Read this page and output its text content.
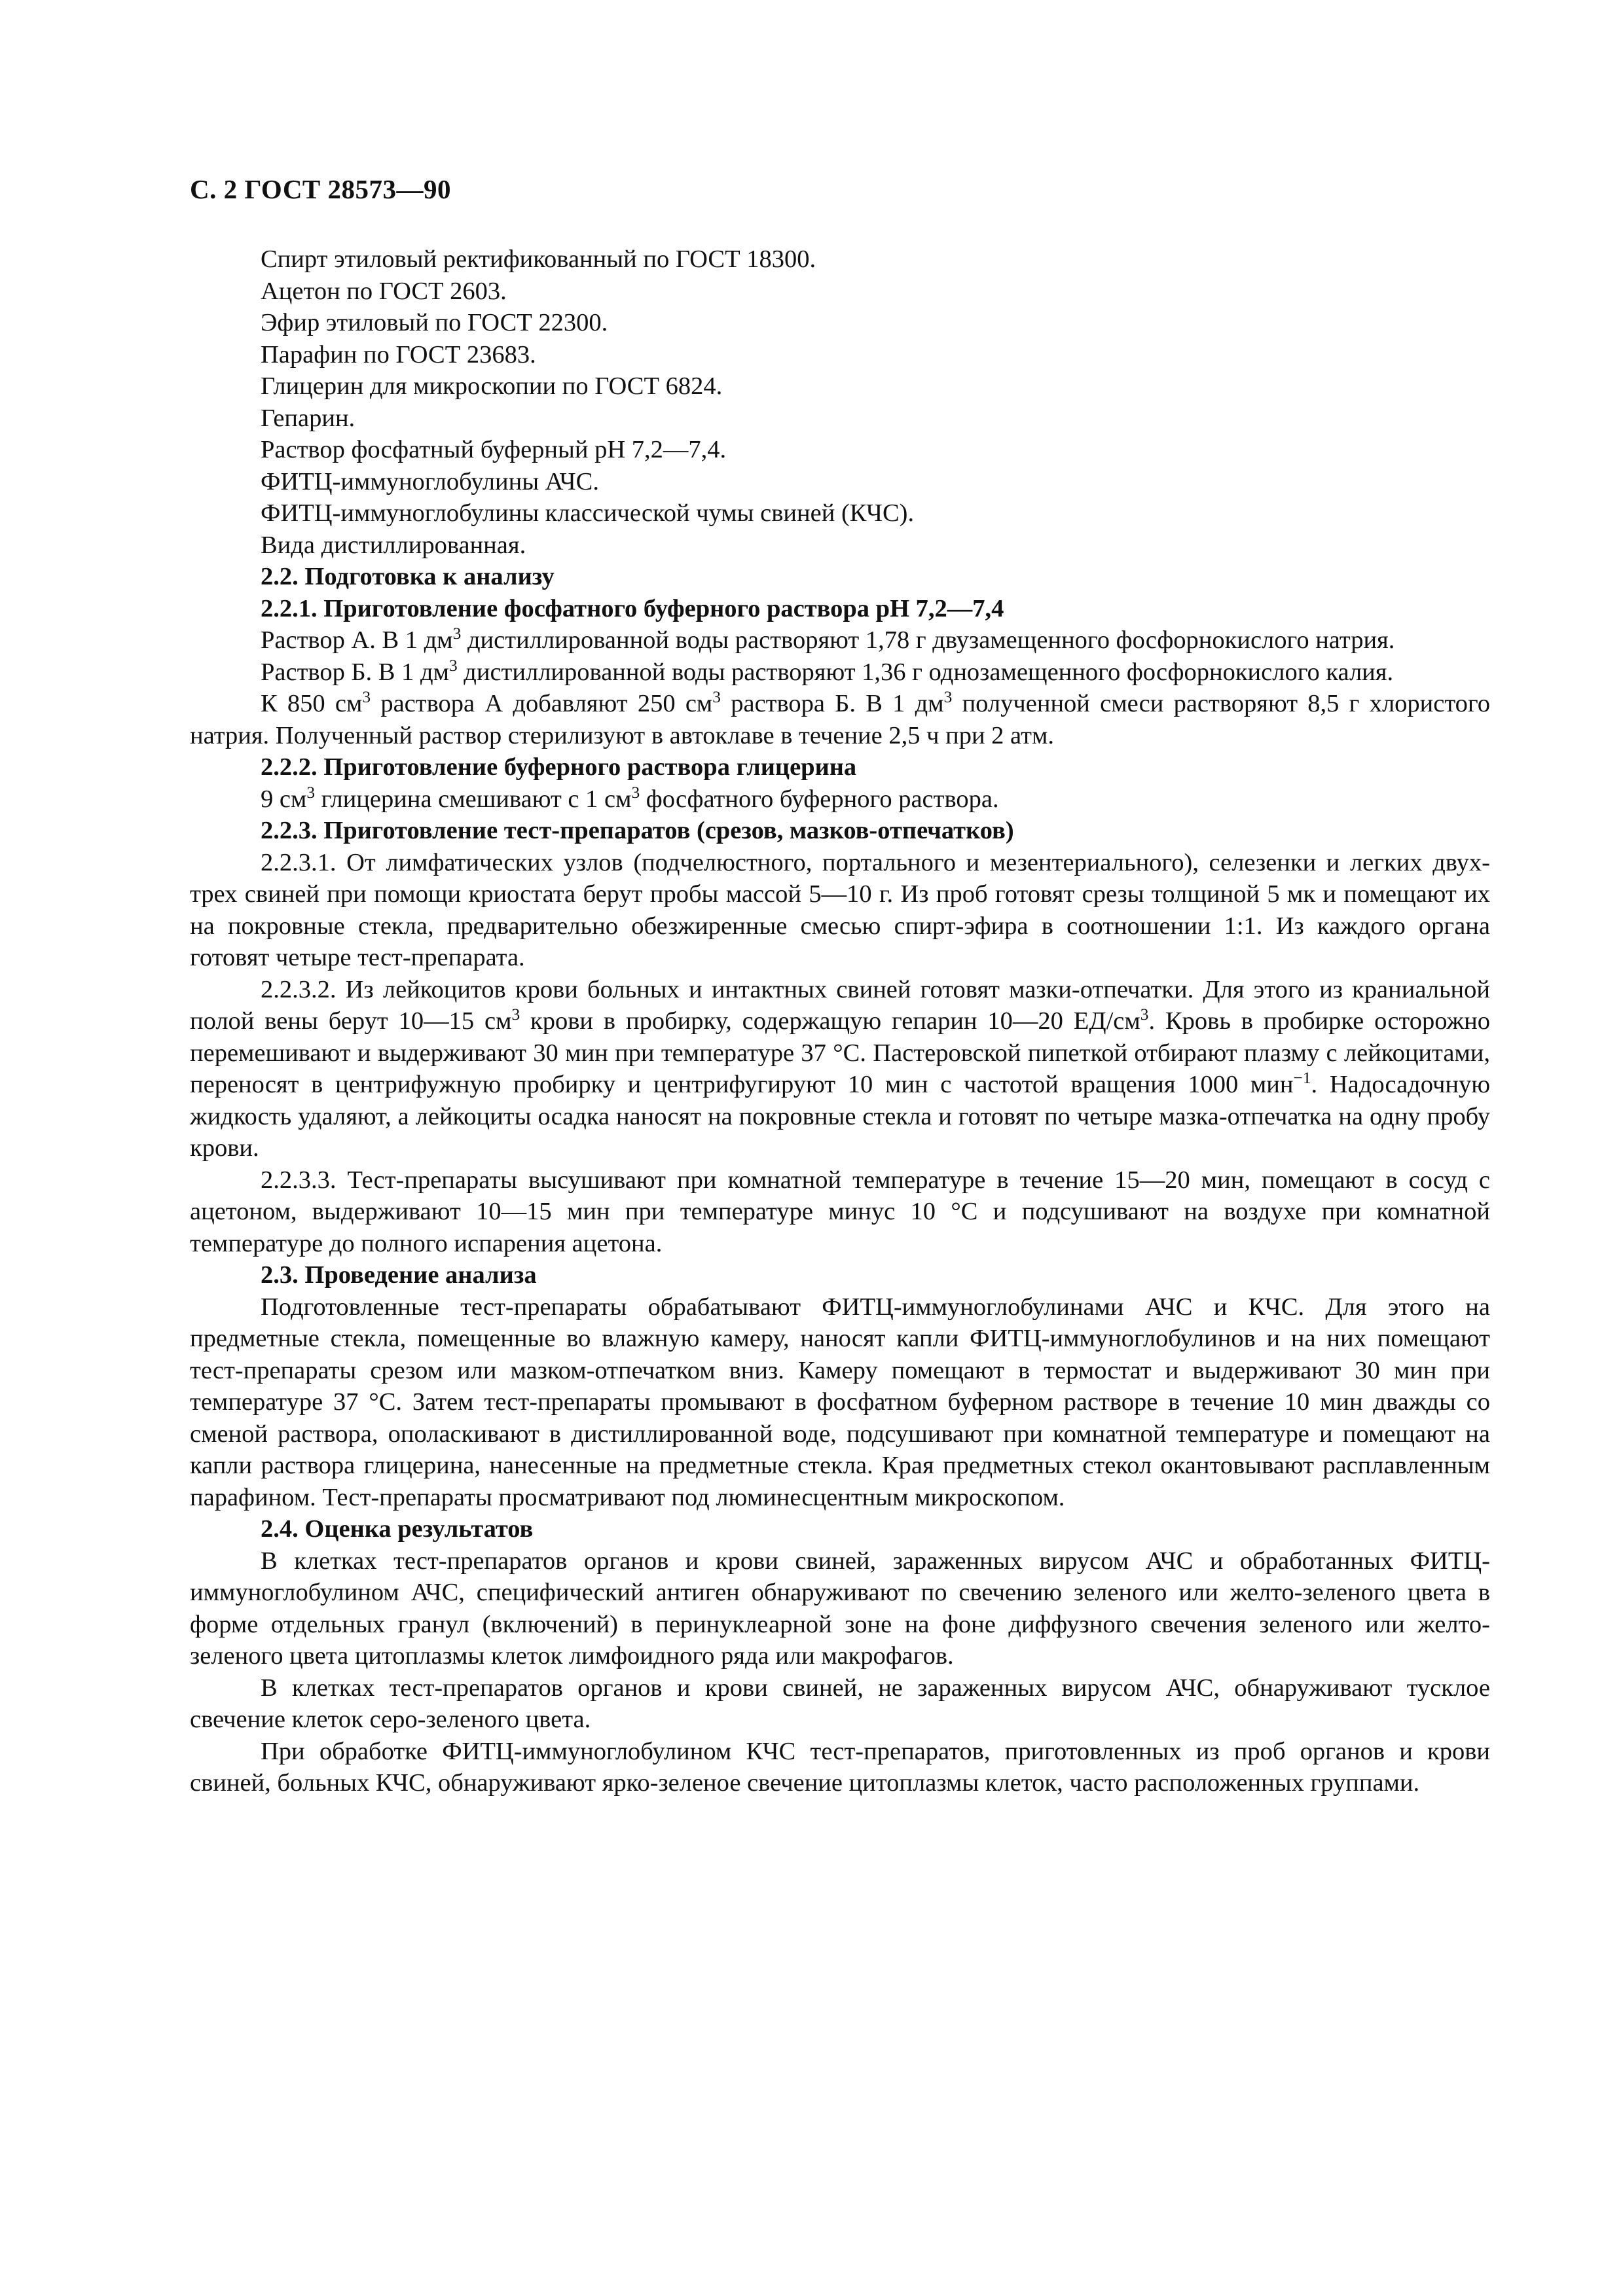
С. 2 ГОСТ 28573—90
Спирт этиловый ректификованный по ГОСТ 18300.
Ацетон по ГОСТ 2603.
Эфир этиловый по ГОСТ 22300.
Парафин по ГОСТ 23683.
Глицерин для микроскопии по ГОСТ 6824.
Гепарин.
Раствор фосфатный буферный pH 7,2—7,4.
ФИТЦ-иммуноглобулины АЧС.
ФИТЦ-иммуноглобулины классической чумы свиней (КЧС).
Вида дистиллированная.
2.2. Подготовка к анализу
2.2.1. Приготовление фосфатного буферного раствора pH 7,2—7,4
Раствор А. В 1 $дм^3$ дистиллированной воды растворяют 1,78 г двузамещенного фосфорнокислого натрия.
Раствор Б. В 1 $дм^3$ дистиллированной воды растворяют 1,36 г однозамещенного фосфорнокислого калия.
К 850 $см^3$ раствора А добавляют 250 $см^3$ раствора Б. В 1 $дм^3$ полученной смеси растворяют 8,5 г хлористого натрия. Полученный раствор стерилизуют в автоклаве в течение 2,5 ч при 2 атм.
2.2.2. Приготовление буферного раствора глицерина
9 $см^3$ глицерина смешивают с 1 $см^3$ фосфатного буферного раствора.
2.2.3. Приготовление тест-препаратов (срезов, мазков-отпечатков)
2.2.3.1. От лимфатических узлов (подчелюстного, портального и мезентериального), селезенки и легких двух-трех свиней при помощи криостата берут пробы массой 5—10 г. Из проб готовят срезы толщиной 5 мк и помещают их на покровные стекла, предварительно обезжиренные смесью спирт-эфира в соотношении 1:1. Из каждого органа готовят четыре тест-препарата.
2.2.3.2. Из лейкоцитов крови больных и интактных свиней готовят мазки-отпечатки. Для этого из краниальной полой вены берут 10—15 $см^3$ крови в пробирку, содержащую гепарин 10—20 $ЕД/см^3$. Кровь в пробирке осторожно перемешивают и выдерживают 30 мин при температуре 37 °С. Пастеровской пипеткой отбирают плазму с лейкоцитами, переносят в центрифужную пробирку и центрифугируют 10 мин с частотой вращения 1000 мин$^{-1}$. Надосадочную жидкость удаляют, а лейкоциты осадка наносят на покровные стекла и готовят по четыре мазка-отпечатка на одну пробу крови.
2.2.3.3. Тест-препараты высушивают при комнатной температуре в течение 15—20 мин, помещают в сосуд с ацетоном, выдерживают 10—15 мин при температуре минус 10 °С и подсушивают на воздухе при комнатной температуре до полного испарения ацетона.
2.3. Проведение анализа
Подготовленные тест-препараты обрабатывают ФИТЦ-иммуноглобулинами АЧС и КЧС. Для этого на предметные стекла, помещенные во влажную камеру, наносят капли ФИТЦ-иммуноглобулинов и на них помещают тест-препараты срезом или мазком-отпечатком вниз. Камеру помещают в термостат и выдерживают 30 мин при температуре 37 °С. Затем тест-препараты промывают в фосфатном буферном растворе в течение 10 мин дважды со сменой раствора, ополаскивают в дистиллированной воде, подсушивают при комнатной температуре и помещают на капли раствора глицерина, нанесенные на предметные стекла. Края предметных стекол окантовывают расплавленным парафином. Тест-препараты просматривают под люминесцентным микроскопом.
2.4. Оценка результатов
В клетках тест-препаратов органов и крови свиней, зараженных вирусом АЧС и обработанных ФИТЦ-иммуноглобулином АЧС, специфический антиген обнаруживают по свечению зеленого или желто-зеленого цвета в форме отдельных гранул (включений) в перинуклеарной зоне на фоне диффузного свечения зеленого или желто-зеленого цвета цитоплазмы клеток лимфоидного ряда или макрофагов.
В клетках тест-препаратов органов и крови свиней, не зараженных вирусом АЧС, обнаруживают тусклое свечение клеток серо-зеленого цвета.
При обработке ФИТЦ-иммуноглобулином КЧС тест-препаратов, приготовленных из проб органов и крови свиней, больных КЧС, обнаруживают ярко-зеленое свечение цитоплазмы клеток, часто расположенных группами.
